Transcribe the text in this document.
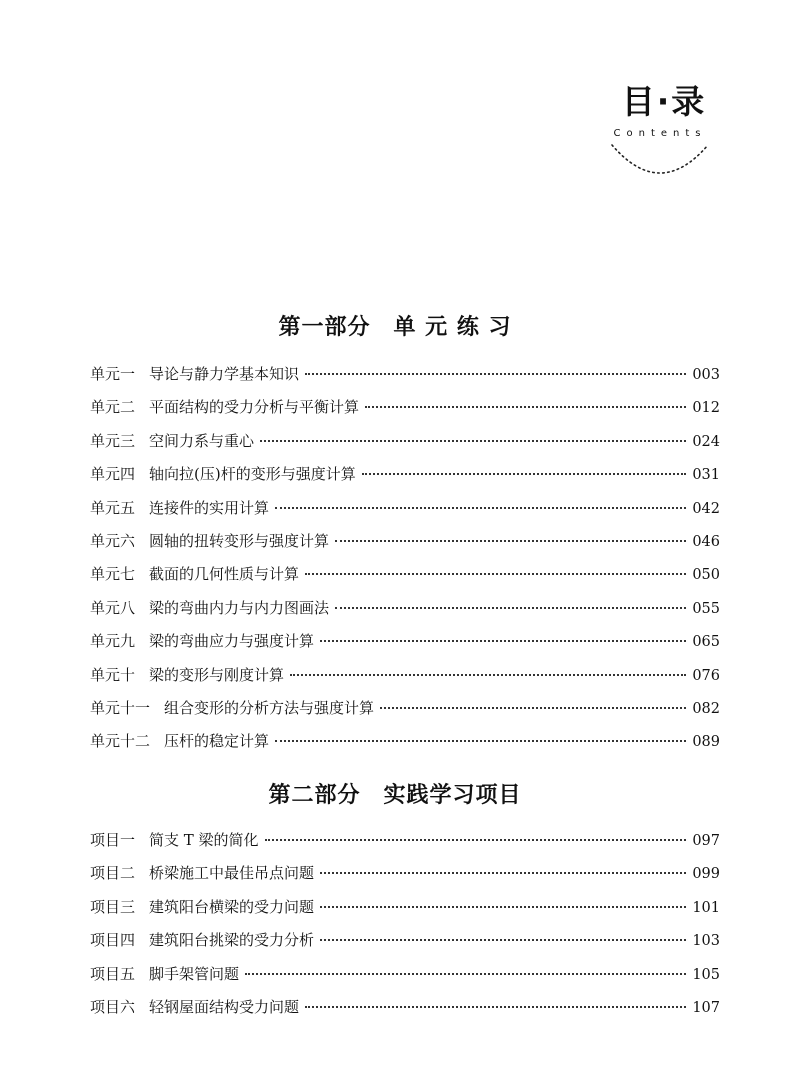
目·录
Contents
第一部分　单 元 练 习
单元一 导论与静力学基本知识	003
单元二 平面结构的受力分析与平衡计算	012
单元三 空间力系与重心	024
单元四 轴向拉(压)杆的变形与强度计算	031
单元五 连接件的实用计算	042
单元六 圆轴的扭转变形与强度计算	046
单元七 截面的几何性质与计算	050
单元八 梁的弯曲内力与内力图画法	055
单元九 梁的弯曲应力与强度计算	065
单元十 梁的变形与刚度计算	076
单元十一 组合变形的分析方法与强度计算	082
单元十二 压杆的稳定计算	089
第二部分　实践学习项目
项目一 简支 T 梁的简化	097
项目二 桥梁施工中最佳吊点问题	099
项目三 建筑阳台横梁的受力问题	101
项目四 建筑阳台挑梁的受力分析	103
项目五 脚手架管问题	105
项目六 轻钢屋面结构受力问题	107
